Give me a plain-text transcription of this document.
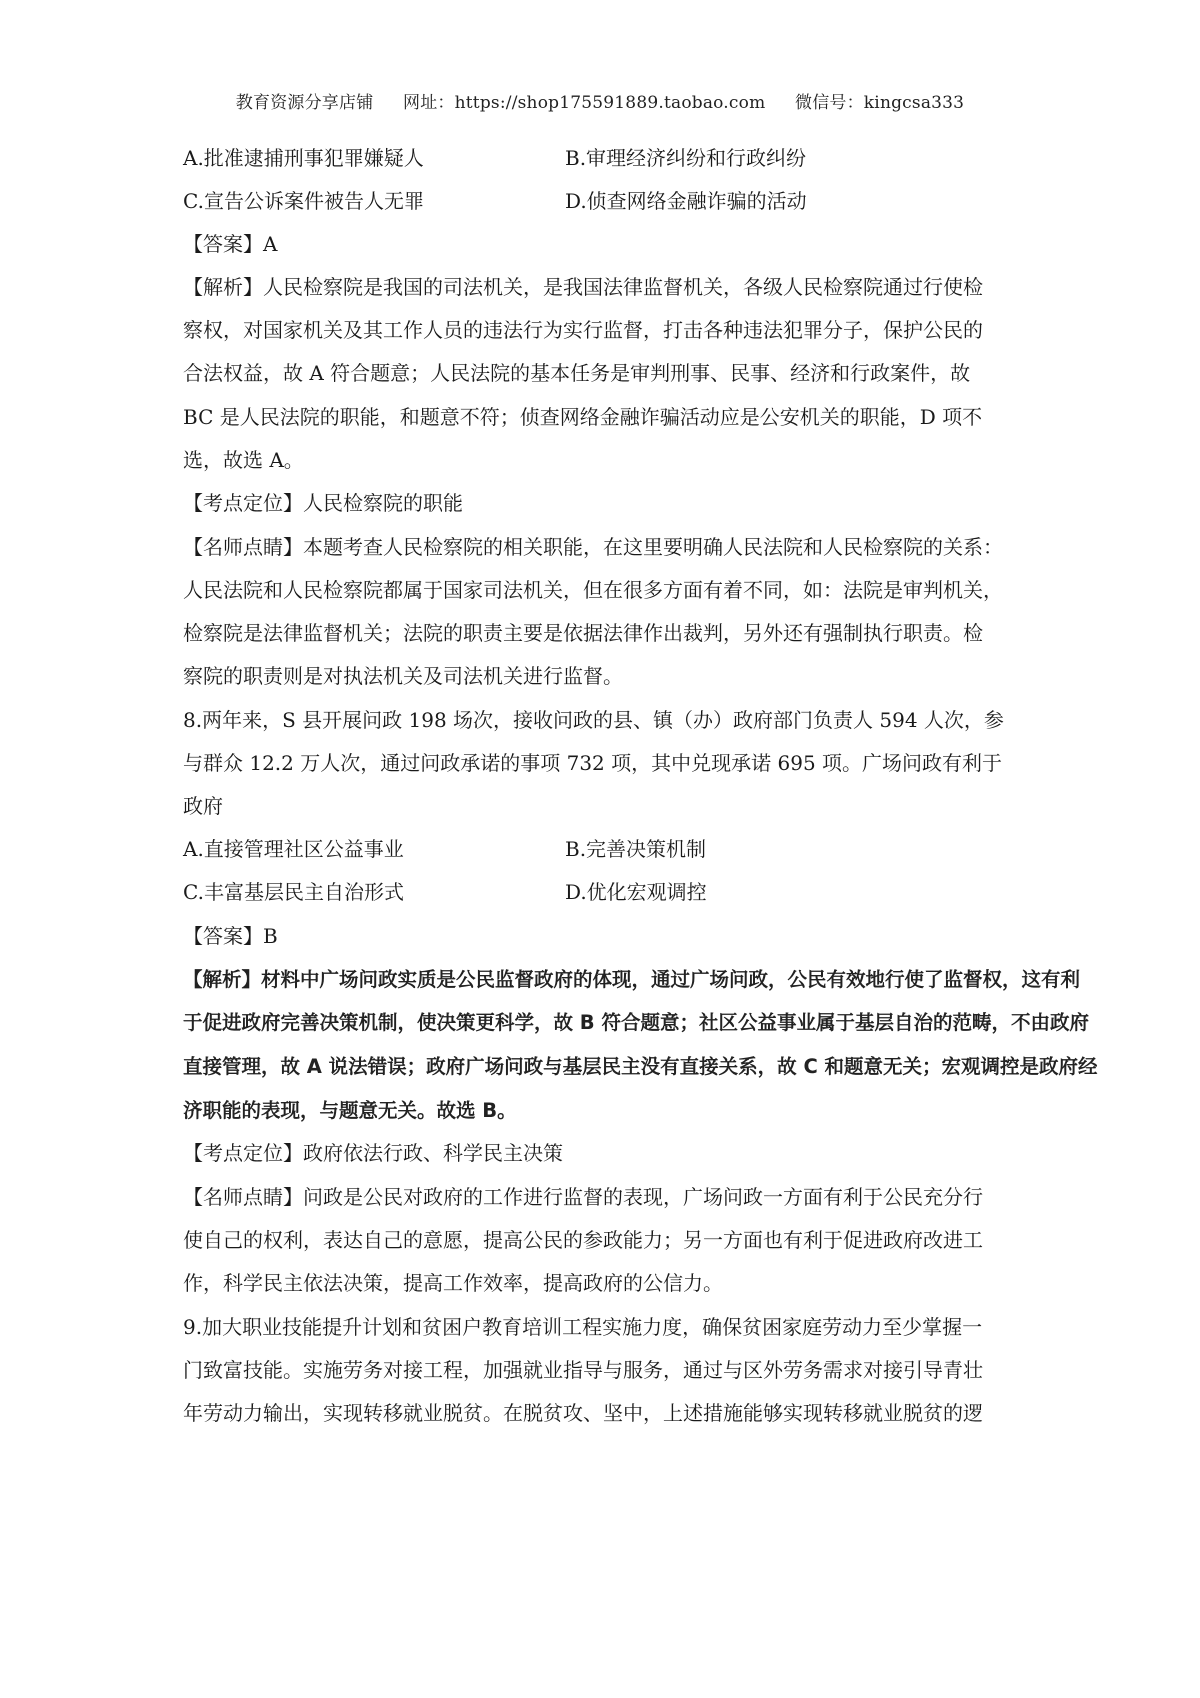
教育资源分享店铺 网址：https://shop175591889.taobao.com 微信号：kingcsa333
A.批准逮捕刑事犯罪嫌疑人	B.审理经济纠纷和行政纠纷
C.宣告公诉案件被告人无罪	D.侦查网络金融诈骗的活动
【答案】A
【解析】人民检察院是我国的司法机关，是我国法律监督机关，各级人民检察院通过行使检
察权，对国家机关及其工作人员的违法行为实行监督，打击各种违法犯罪分子，保护公民的
合法权益，故 A 符合题意；人民法院的基本任务是审判刑事、民事、经济和行政案件，故
BC 是人民法院的职能，和题意不符；侦查网络金融诈骗活动应是公安机关的职能，D 项不
选，故选 A。
【考点定位】人民检察院的职能
【名师点睛】本题考查人民检察院的相关职能，在这里要明确人民法院和人民检察院的关系：
人民法院和人民检察院都属于国家司法机关，但在很多方面有着不同，如：法院是审判机关，
检察院是法律监督机关；法院的职责主要是依据法律作出裁判，另外还有强制执行职责。检
察院的职责则是对执法机关及司法机关进行监督。
8.两年来，S 县开展问政 198 场次，接收问政的县、镇（办）政府部门负责人 594 人次，参
与群众 12.2 万人次，通过问政承诺的事项 732 项，其中兑现承诺 695 项。广场问政有利于
政府
A.直接管理社区公益事业	B.完善决策机制
C.丰富基层民主自治形式	D.优化宏观调控
【答案】B
【解析】材料中广场问政实质是公民监督政府的体现，通过广场问政，公民有效地行使了监督权，这有利
于促进政府完善决策机制，使决策更科学，故 B 符合题意；社区公益事业属于基层自治的范畴，不由政府
直接管理，故 A 说法错误；政府广场问政与基层民主没有直接关系，故 C 和题意无关；宏观调控是政府经
济职能的表现，与题意无关。故选 B。
【考点定位】政府依法行政、科学民主决策
【名师点睛】问政是公民对政府的工作进行监督的表现，广场问政一方面有利于公民充分行
使自己的权利，表达自己的意愿，提高公民的参政能力；另一方面也有利于促进政府改进工
作，科学民主依法决策，提高工作效率，提高政府的公信力。
9.加大职业技能提升计划和贫困户教育培训工程实施力度，确保贫困家庭劳动力至少掌握一
门致富技能。实施劳务对接工程，加强就业指导与服务，通过与区外劳务需求对接引导青壮
年劳动力输出，实现转移就业脱贫。在脱贫攻、坚中，上述措施能够实现转移就业脱贫的逻
